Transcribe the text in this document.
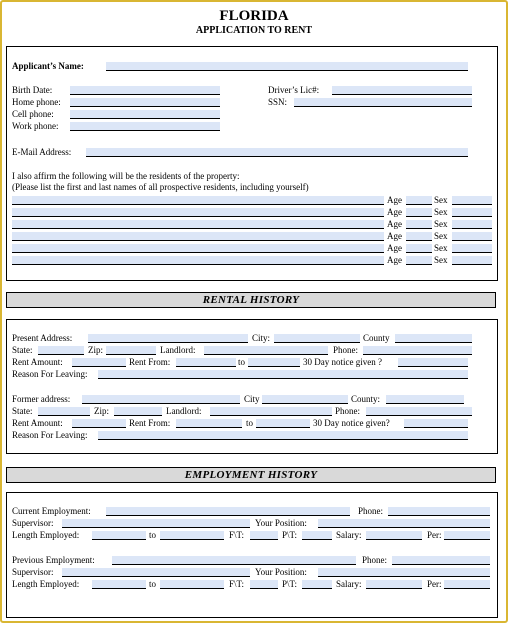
FLORIDA
APPLICATION TO RENT
Applicant’s Name:
Birth Date:
Home phone:
Cell phone:
Work phone:
Driver’s Lic#:
SSN:
E-Mail Address:
I also affirm the following will be the residents of the property:
(Please list the first and last names of all prospective residents, including yourself)
Age	Sex
Age	Sex
Age	Sex
Age	Sex
Age	Sex
Age	Sex
RENTAL HISTORY
Present Address:	City:	County
State:	Zip:	Landlord:	Phone:
Rent Amount:	Rent From:	to	30 Day notice given ?
Reason For Leaving:
Former address:	City	County:
State:	Zip:	Landlord:	Phone:
Rent Amount:	Rent From:	to	30 Day notice given?
Reason For Leaving:
EMPLOYMENT HISTORY
Current Employment:	Phone:
Supervisor:	Your Position:
Length Employed:	to	F\T:	P\T:	Salary:	Per:
Previous Employment:	Phone:
Supervisor:	Your Position:
Length Employed:	to	F\T:	P\T:	Salary:	Per:
